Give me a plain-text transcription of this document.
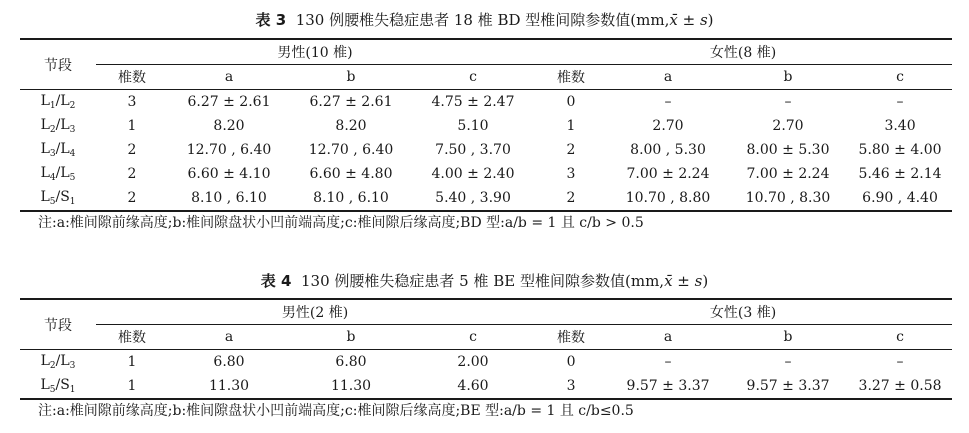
表 3 130 例腰椎失稳症患者 18 椎 BD 型椎间隙参数值(mm,x̄ ± s)
节段	男性(10 椎)				女性(8 椎)			
	椎数	a	b	c	椎数	a	b	c
$L_1/L_2$	3	6.27 ± 2.61	6.27 ± 2.61	4.75 ± 2.47	0	–	–	–
$L_2/L_3$	1	8.20	8.20	5.10	1	2.70	2.70	3.40
$L_3/L_4$	2	12.70 , 6.40	12.70 , 6.40	7.50 , 3.70	2	8.00 , 5.30	8.00 ± 5.30	5.80 ± 4.00
$L_4/L_5$	2	6.60 ± 4.10	6.60 ± 4.80	4.00 ± 2.40	3	7.00 ± 2.24	7.00 ± 2.24	5.46 ± 2.14
$L_5/S_1$	2	8.10 , 6.10	8.10 , 6.10	5.40 , 3.90	2	10.70 , 8.80	10.70 , 8.30	6.90 , 4.40
注:a:椎间隙前缘高度;b:椎间隙盘状小凹前端高度;c:椎间隙后缘高度;BD 型:a/b = 1 且 c/b > 0.5
表 4 130 例腰椎失稳症患者 5 椎 BE 型椎间隙参数值(mm,x̄ ± s)
节段	男性(2 椎)				女性(3 椎)			
	椎数	a	b	c	椎数	a	b	c
$L_2/L_3$	1	6.80	6.80	2.00	0	–	–	–
$L_5/S_1$	1	11.30	11.30	4.60	3	9.57 ± 3.37	9.57 ± 3.37	3.27 ± 0.58
注:a:椎间隙前缘高度;b:椎间隙盘状小凹前端高度;c:椎间隙后缘高度;BE 型:a/b = 1 且 c/b≤0.5
